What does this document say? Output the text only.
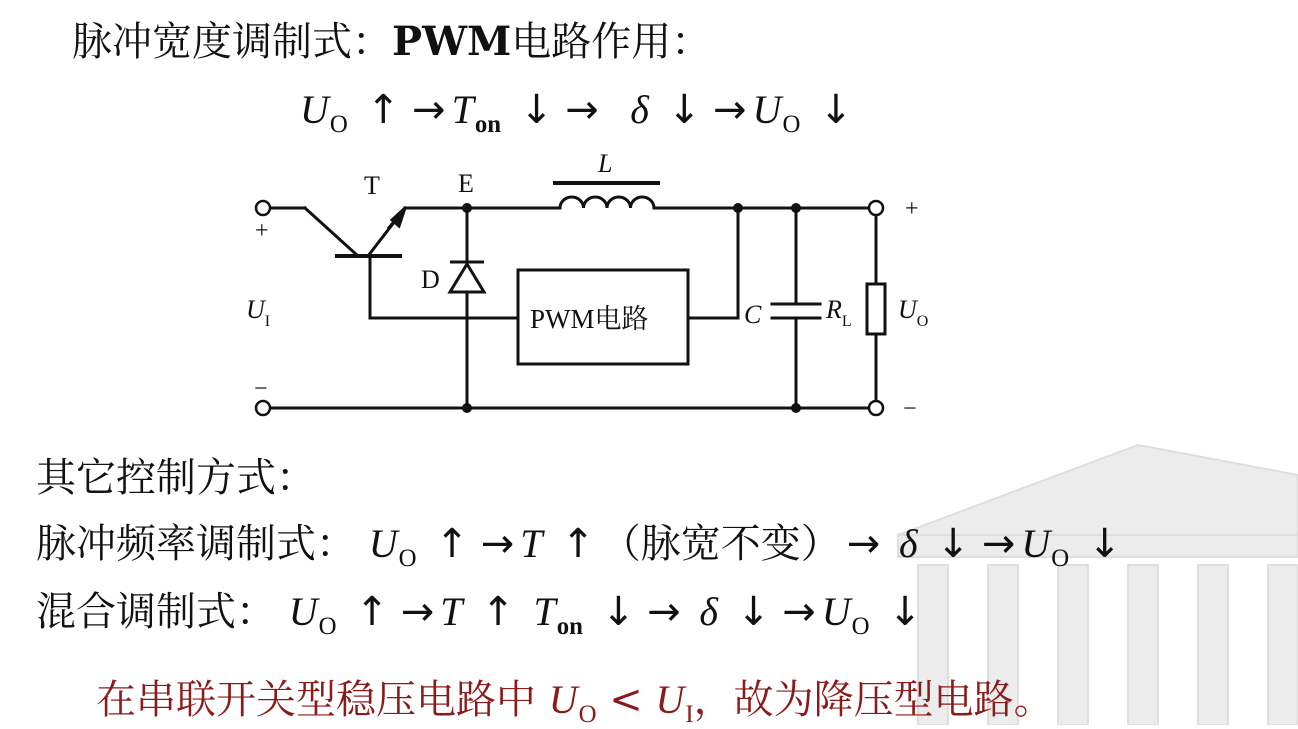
脉冲宽度调制式：PWM电路作用：
$U_O$ ↑ → $T_{on}$ ↓ → δ ↓ → $U_O$ ↓
T	E
L
D
PWM电路	C $R_L$
$U_I$	$U_O$
+
−
+
−
其它控制方式：
脉冲频率调制式： $U_O$ ↑ → T ↑ （脉宽不变） → δ ↓ → $U_O$ ↓
混合调制式： $U_O$ ↑ → T ↑ $T_{on}$ ↓ → δ ↓ → $U_O$ ↓
在串联开关型稳压电路中 $U_O < U_I$，故为降压型电路。
